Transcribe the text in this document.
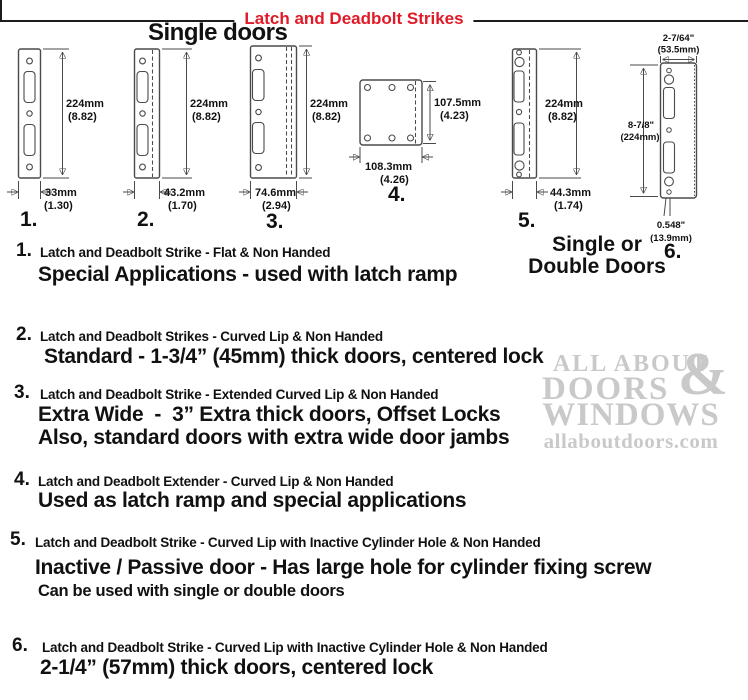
ALL ABOUT
DOORS &
WINDOWS
allaboutdoors.com
Latch and Deadbolt Strikes
Single doors
224mm
(8.82)
33mm
(1.30)
1.
224mm
(8.82)
43.2mm
(1.70)
2.
224mm
(8.82)
74.6mm
(2.94)
3.
107.5mm
(4.23)
108.3mm
(4.26)
4.
224mm
(8.82)
44.3mm
(1.74)
5.
2-7/64"
(53.5mm)
8-7/8"
(224mm)
0.548"
(13.9mm)
Single or
Double Doors
6.
1. Latch and Deadbolt Strike - Flat & Non Handed
Special Applications - used with latch ramp
2. Latch and Deadbolt Strikes - Curved Lip & Non Handed
Standard - 1-3/4” (45mm) thick doors, centered lock
3. Latch and Deadbolt Strike - Extended Curved Lip & Non Handed
Extra Wide  -  3” Extra thick doors, Offset Locks
Also, standard doors with extra wide door jambs
4. Latch and Deadbolt Extender - Curved Lip & Non Handed
Used as latch ramp and special applications
5. Latch and Deadbolt Strike - Curved Lip with Inactive Cylinder Hole & Non Handed
Inactive / Passive door - Has large hole for cylinder fixing screw
Can be used with single or double doors
6. Latch and Deadbolt Strike - Curved Lip with Inactive Cylinder Hole & Non Handed
2-1/4” (57mm) thick doors, centered lock
